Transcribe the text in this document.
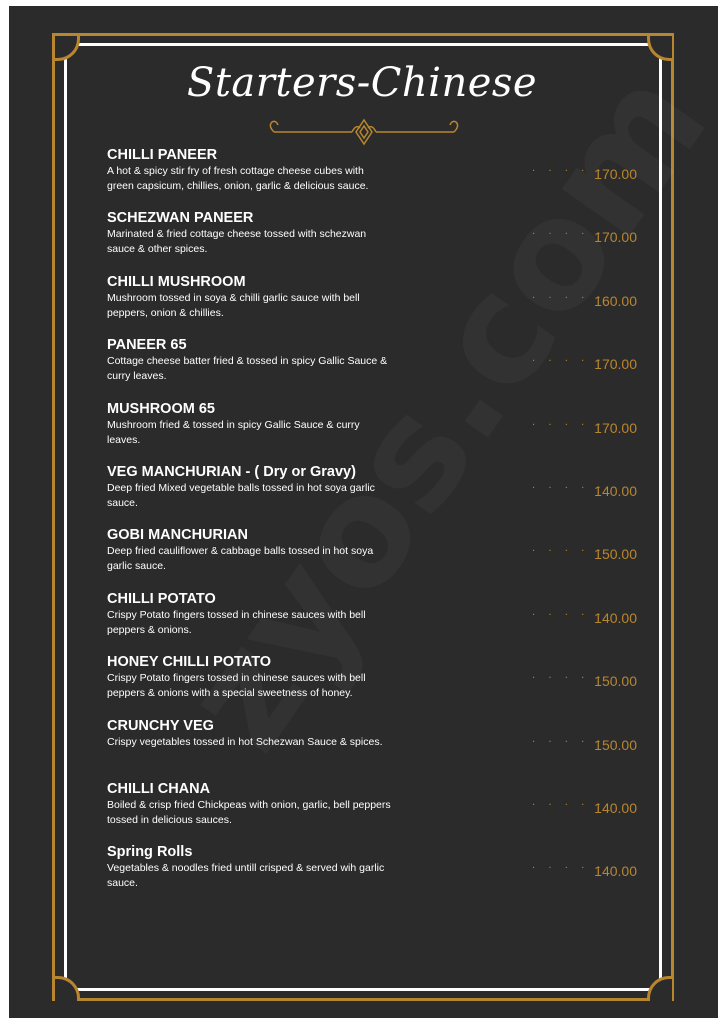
Starters-Chinese
CHILLI PANEER
A hot & spicy stir fry of fresh cottage cheese cubes with green capsicum, chillies, onion, garlic & delicious sauce.
· · · · ·
170.00
SCHEZWAN PANEER
Marinated & fried cottage cheese tossed with schezwan sauce & other spices.
· · · · ·
170.00
CHILLI MUSHROOM
Mushroom tossed in soya & chilli garlic sauce with bell peppers, onion & chillies.
· · · · ·
160.00
PANEER 65
Cottage cheese batter fried & tossed in spicy Gallic Sauce & curry leaves.
· · · · ·
170.00
MUSHROOM 65
Mushroom fried & tossed in spicy Gallic Sauce & curry leaves.
· · · · ·
170.00
VEG MANCHURIAN - ( Dry or Gravy)
Deep fried Mixed vegetable balls tossed in hot soya garlic sauce.
· · · · ·
140.00
GOBI MANCHURIAN
Deep fried cauliflower & cabbage balls tossed in hot soya garlic sauce.
· · · · ·
150.00
CHILLI POTATO
Crispy Potato fingers tossed in chinese sauces with bell peppers & onions.
· · · · ·
140.00
HONEY CHILLI POTATO
Crispy Potato fingers tossed in chinese sauces with bell peppers & onions with a special sweetness of honey.
· · · · ·
150.00
CRUNCHY VEG
Crispy vegetables tossed in hot Schezwan Sauce & spices.	· · · · ·
150.00
CHILLI CHANA
Boiled & crisp fried Chickpeas with onion, garlic, bell peppers tossed in delicious sauces.
· · · · ·
140.00
Spring Rolls
Vegetables & noodles fried untill crisped & served wih garlic sauce.
· · · · ·
140.00
